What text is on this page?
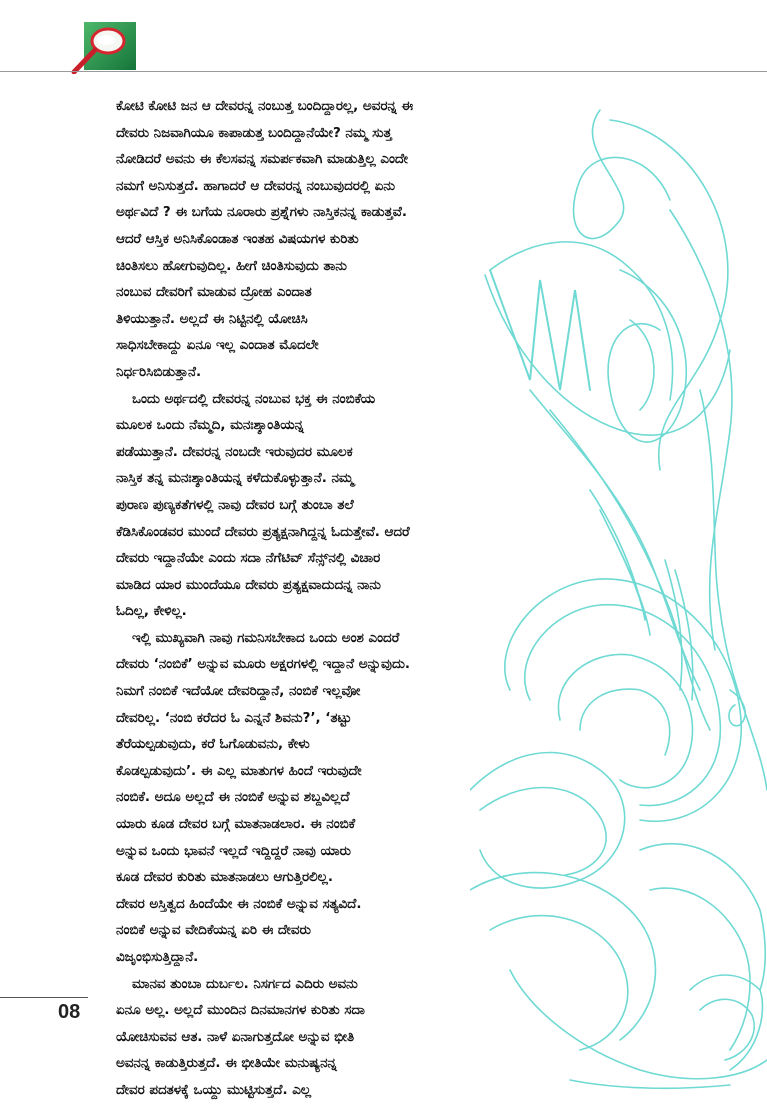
ಕೋಟಿ ಕೋಟಿ ಜನ ಆ ದೇವರನ್ನ ನಂಬುತ್ತ ಬಂದಿದ್ದಾರಲ್ಲ, ಅವರನ್ನ ಈ
ದೇವರು ನಿಜವಾಗಿಯೂ ಕಾಪಾಡುತ್ತ ಬಂದಿದ್ದಾನೆಯೇ? ನಮ್ಮ ಸುತ್ತ
ನೋಡಿದರೆ ಅವನು ಈ ಕೆಲಸವನ್ನ ಸಮರ್ಪಕವಾಗಿ ಮಾಡುತ್ತಿಲ್ಲ ಎಂದೇ
ನಮಗೆ ಅನಿಸುತ್ತದೆ. ಹಾಗಾದರೆ ಆ ದೇವರನ್ನ ನಂಬುವುದರಲ್ಲಿ ಏನು
ಅರ್ಥವಿದೆ ? ಈ ಬಗೆಯ ನೂರಾರು ಪ್ರಶ್ನೆಗಳು ನಾಸ್ತಿಕನನ್ನ ಕಾಡುತ್ತವೆ.
ಆದರೆ ಆಸ್ತಿಕ ಅನಿಸಿಕೊಂಡಾತ ಇಂತಹ ವಿಷಯಗಳ ಕುರಿತು
ಚಿಂತಿಸಲು ಹೋಗುವುದಿಲ್ಲ. ಹೀಗೆ ಚಿಂತಿಸುವುದು ತಾನು
ನಂಬುವ ದೇವರಿಗೆ ಮಾಡುವ ದ್ರೋಹ ಎಂದಾತ
ತಿಳಿಯುತ್ತಾನೆ. ಅಲ್ಲದೆ ಈ ನಿಟ್ಟಿನಲ್ಲಿ ಯೋಚಿಸಿ
ಸಾಧಿಸಬೇಕಾದ್ದು ಏನೂ ಇಲ್ಲ ಎಂದಾತ ಮೊದಲೇ
ನಿರ್ಧರಿಸಿಬಿಡುತ್ತಾನೆ.

ಒಂದು ಅರ್ಥದಲ್ಲಿ ದೇವರನ್ನ ನಂಬುವ ಭಕ್ತ ಈ ನಂಬಿಕೆಯ
ಮೂಲಕ ಒಂದು ನೆಮ್ಮದಿ, ಮನಃಶ್ಶಾಂತಿಯನ್ನ
ಪಡೆಯುತ್ತಾನೆ. ದೇವರನ್ನ ನಂಬದೇ ಇರುವುದರ ಮೂಲಕ
ನಾಸ್ತಿಕ ತನ್ನ ಮನಃಶ್ಶಾಂತಿಯನ್ನ ಕಳೆದುಕೊಳ್ಳುತ್ತಾನೆ. ನಮ್ಮ
ಪುರಾಣ ಪುಣ್ಯಕತೆಗಳಲ್ಲಿ ನಾವು ದೇವರ ಬಗ್ಗೆ ತುಂಬಾ ತಲೆ
ಕೆಡಿಸಿಕೊಂಡವರ ಮುಂದೆ ದೇವರು ಪ್ರತ್ಯಕ್ಷನಾಗಿದ್ದನ್ನ ಓದುತ್ತೇವೆ. ಆದರೆ
ದೇವರು ಇದ್ದಾನೆಯೇ ಎಂದು ಸದಾ ನೆಗೆಟಿವ್ ಸೆನ್ಸ್‌ನಲ್ಲಿ ವಿಚಾರ
ಮಾಡಿದ ಯಾರ ಮುಂದೆಯೂ ದೇವರು ಪ್ರತ್ಯಕ್ಷವಾದುದನ್ನ ನಾನು
ಓದಿಲ್ಲ, ಕೇಳಿಲ್ಲ.

ಇಲ್ಲಿ ಮುಖ್ಯವಾಗಿ ನಾವು ಗಮನಿಸಬೇಕಾದ ಒಂದು ಅಂಶ ಎಂದರೆ
ದೇವರು ‘ನಂಬಿಕೆ’ ಅನ್ನುವ ಮೂರು ಅಕ್ಷರಗಳಲ್ಲಿ ಇದ್ದಾನೆ ಅನ್ನುವುದು.
ನಿಮಗೆ ನಂಬಿಕೆ ಇದೆಯೋ ದೇವರಿದ್ದಾನೆ, ನಂಬಿಕೆ ಇಲ್ಲವೋ
ದೇವರಿಲ್ಲ. ‘ನಂಬಿ ಕರೆದರ ಓ ಎನ್ನನೆ ಶಿವನು?’, ‘ತಟ್ಟು
ತೆರೆಯಲ್ಪಡುವುದು, ಕರೆ ಓಗೊಡುವನು, ಕೇಳು
ಕೊಡಲ್ಪಡುವುದು’. ಈ ಎಲ್ಲ ಮಾತುಗಳ ಹಿಂದೆ ಇರುವುದೇ
ನಂಬಿಕೆ. ಅದೂ ಅಲ್ಲದೆ ಈ ನಂಬಿಕೆ ಅನ್ನುವ ಶಬ್ದವಿಲ್ಲದೆ
ಯಾರು ಕೂಡ ದೇವರ ಬಗ್ಗೆ ಮಾತನಾಡಲಾರ. ಈ ನಂಬಿಕೆ
ಅನ್ನುವ ಒಂದು ಭಾವನೆ ಇಲ್ಲದೆ ಇದ್ದಿದ್ದರೆ ನಾವು ಯಾರು
ಕೂಡ ದೇವರ ಕುರಿತು ಮಾತನಾಡಲು ಆಗುತ್ತಿರಲಿಲ್ಲ.
ದೇವರ ಅಸ್ತಿತ್ವದ ಹಿಂದೆಯೇ ಈ ನಂಬಿಕೆ ಅನ್ನುವ ಸತ್ಯವಿದೆ.
ನಂಬಿಕೆ ಅನ್ನುವ ವೇದಿಕೆಯನ್ನ ಏರಿ ಈ ದೇವರು
ವಿಜೃಂಭಿಸುತ್ತಿದ್ದಾನೆ.

ಮಾನವ ತುಂಬಾ ದುರ್ಬಲ. ನಿಸರ್ಗದ ಎದಿರು ಅವನು
ಏನೂ ಅಲ್ಲ. ಅಲ್ಲದೆ ಮುಂದಿನ ದಿನಮಾನಗಳ ಕುರಿತು ಸದಾ
ಯೋಚಿಸುವವ ಆತ. ನಾಳೆ ಏನಾಗುತ್ತದೋ ಅನ್ನುವ ಭೀತಿ
ಅವನನ್ನ ಕಾಡುತ್ತಿರುತ್ತದೆ. ಈ ಭೀತಿಯೇ ಮನುಷ್ಯನನ್ನ
ದೇವರ ಪದತಳಕ್ಕೆ ಒಯ್ದು ಮುಟ್ಟಿಸುತ್ತದೆ. ಎಲ್ಲ

08
